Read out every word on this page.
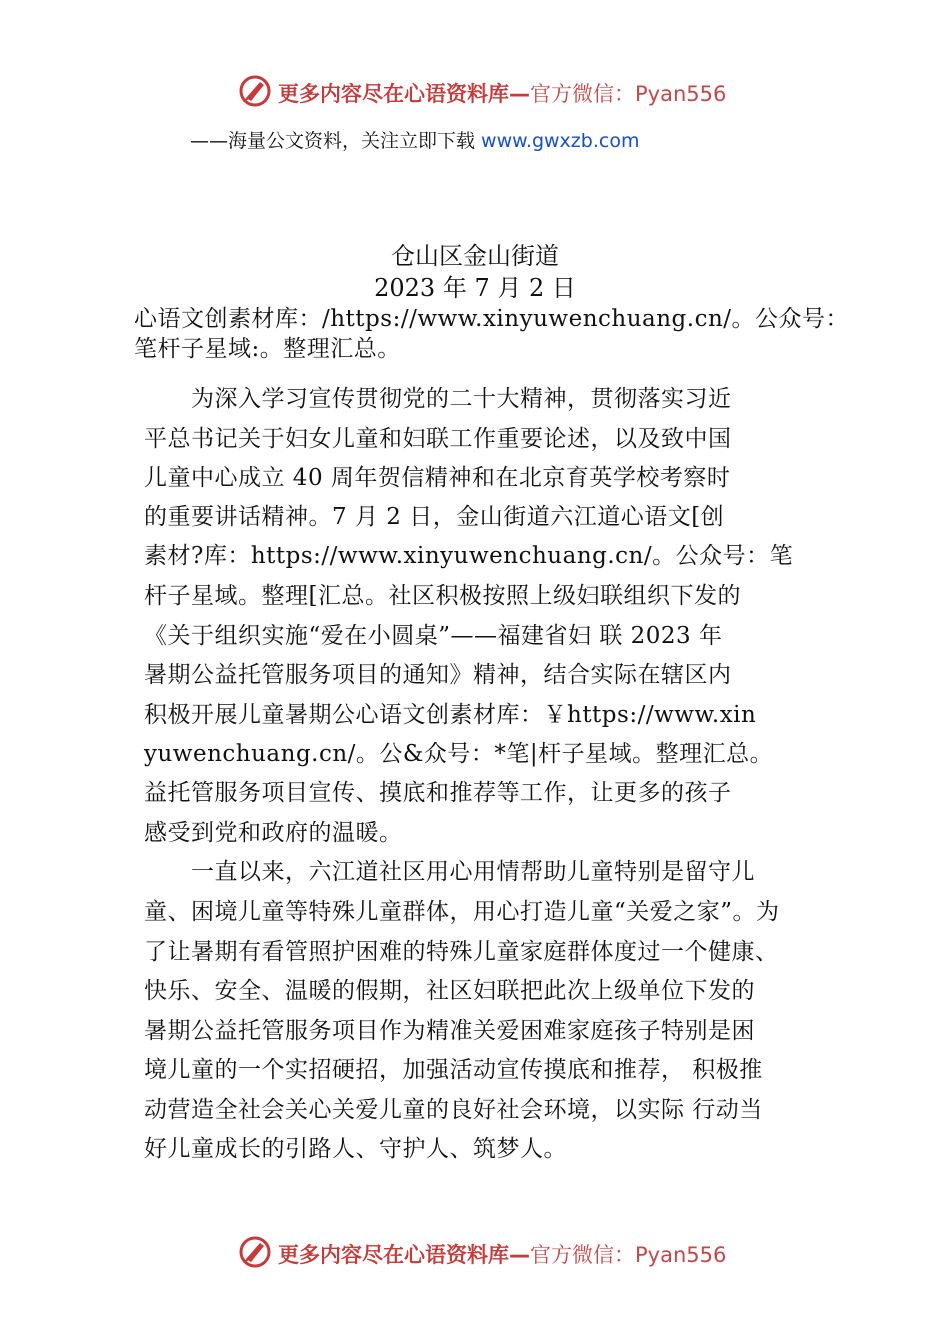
更多内容尽在心语资料库—官方微信：Pyan556
——海量公文资料，关注立即下载 www.gwxzb.com
仓山区金山街道
2023 年 7 月 2 日
心语文创素材库：/https://www.xinyuwenchuang.cn/。公众号：
笔杆子星域:。整理汇总。
　　为深入学习宣传贯彻党的二十大精神，贯彻落实习近
平总书记关于妇女儿童和妇联工作重要论述，以及致中国
儿童中心成立 40 周年贺信精神和在北京育英学校考察时
的重要讲话精神。7 月 2 日，金山街道六江道心语文[创
素材?库：https://www.xinyuwenchuang.cn/。公众号：笔
杆子星域。整理[汇总。社区积极按照上级妇联组织下发的
《关于组织实施“爱在小圆桌”——福建省妇 联 2023 年
暑期公益托管服务项目的通知》精神，结合实际在辖区内
积极开展儿童暑期公心语文创素材库：￥https://www.xin
yuwenchuang.cn/。公&众号：*笔|杆子星域。整理汇总。
益托管服务项目宣传、摸底和推荐等工作，让更多的孩子
感受到党和政府的温暖。
　　一直以来，六江道社区用心用情帮助儿童特别是留守儿
童、困境儿童等特殊儿童群体，用心打造儿童“关爱之家”。为
了让暑期有看管照护困难的特殊儿童家庭群体度过一个健康、
快乐、安全、温暖的假期，社区妇联把此次上级单位下发的
暑期公益托管服务项目作为精准关爱困难家庭孩子特别是困
境儿童的一个实招硬招，加强活动宣传摸底和推荐， 积极推
动营造全社会关心关爱儿童的良好社会环境，以实际 行动当
好儿童成长的引路人、守护人、筑梦人。
更多内容尽在心语资料库—官方微信：Pyan556
